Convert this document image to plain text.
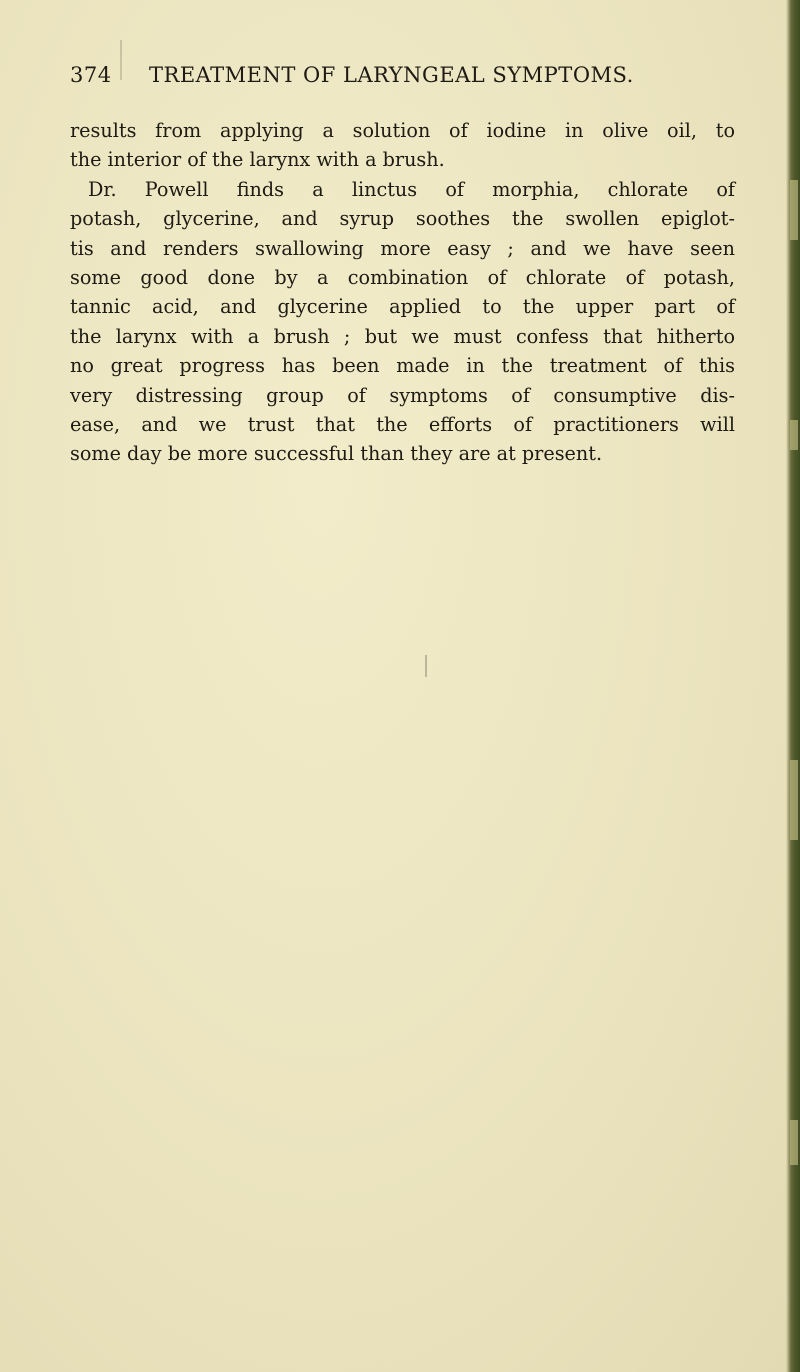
374 TREATMENT OF LARYNGEAL SYMPTOMS.
results from applying a solution of iodine in olive oil, to
the interior of the larynx with a brush.
Dr. Powell finds a linctus of morphia, chlorate of
potash, glycerine, and syrup soothes the swollen epiglot-
tis and renders swallowing more easy ; and we have seen
some good done by a combination of chlorate of potash,
tannic acid, and glycerine applied to the upper part of
the larynx with a brush ; but we must confess that hitherto
no great progress has been made in the treatment of this
very distressing group of symptoms of consumptive dis-
ease, and we trust that the efforts of practitioners will
some day be more successful than they are at present.
